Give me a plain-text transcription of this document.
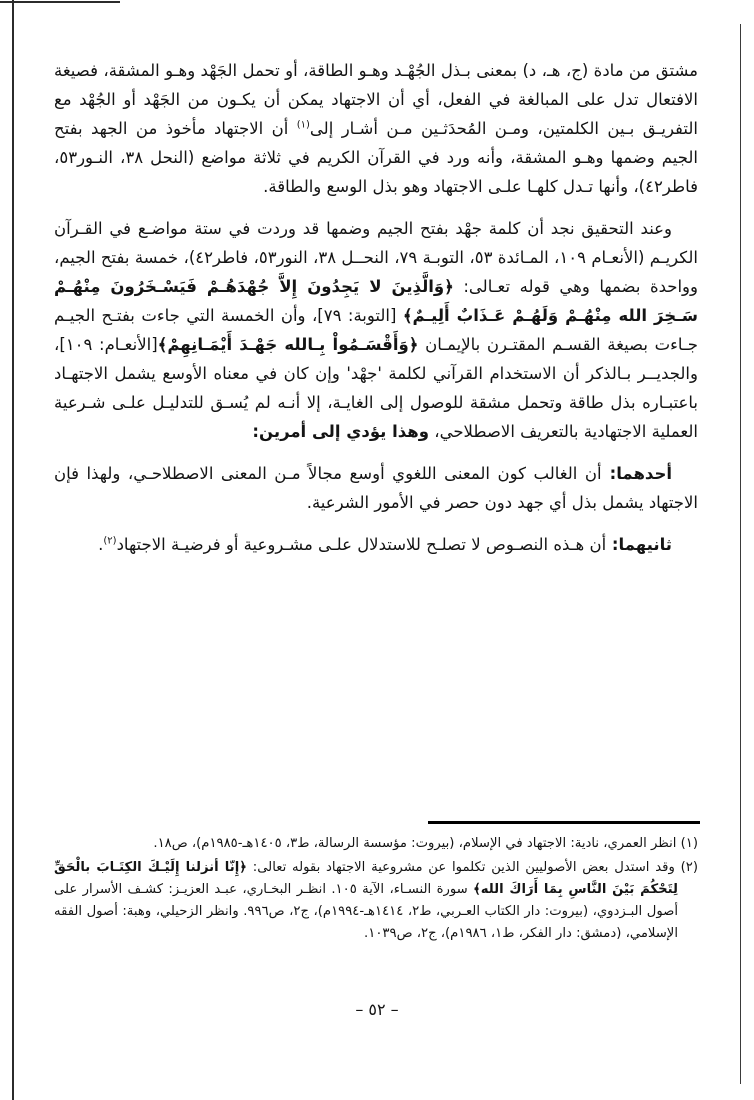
مشتق من مادة (ج، هـ، د) بمعنى بـذل الجُهْـد وهـو الطاقة، أو تحمل الجَهْد وهـو المشقة، فصيغة الافتعال تدل على المبالغة في الفعل، أي أن الاجتهاد يمكن أن يكـون من الجَهْد أو الجُهْد مع التفريـق بـين الكلمتين، ومـن المُحدَثـين مـن أشـار إلى$^{(١)}$ أن الاجتهاد مأخوذ من الجهد بفتح الجيم وضمها وهـو المشقة، وأنه ورد في القرآن الكريم في ثلاثة مواضع (النحل ٣٨، النـور٥٣، فاطر٤٢)، وأنها تـدل كلهـا علـى الاجتهاد وهو بذل الوسع والطاقة.

وعند التحقيق نجد أن كلمة جهْد بفتح الجيم وضمها قد وردت في ستة مواضـع في القـرآن الكريـم (الأنعـام ١٠٩، المـائدة ٥٣، التوبـة ٧٩، النحــل ٣٨، النور٥٣، فاطر٤٢)، خمسة بفتح الجيم، وواحدة بضمها وهي قوله تعـالى: ﴿وَالَّذِينَ لا يَجِدُونَ إِلاَّ جُهْدَهُـمْ فَيَسْـخَرُونَ مِنْهُـمْ سَـخِرَ الله مِنْهُـمْ وَلَهُـمْ عَـذَابٌ أَلِيـمٌ﴾ [التوبة: ٧٩]، وأن الخمسة التي جاءت بفتـح الجيـم جـاءت بصيغة القسـم المقتـرن بالإيمـان ﴿وَأَقْسَـمُواْ بِـالله جَهْـدَ أَيْمَـانِهِمْ﴾[الأنعـام: ١٠٩]، والجديــر بـالذكر أن الاستخدام القرآني لكلمة 'جهْد' وإن كان في معناه الأوسع يشمل الاجتهـاد باعتبـاره بذل طاقة وتحمل مشقة للوصول إلى الغايـة، إلا أنـه لم يُسـق للتدليـل علـى شـرعية العملية الاجتهادية بالتعريف الاصطلاحي، وهذا يؤدي إلى أمرين:

أحدهما: أن الغالب كون المعنى اللغوي أوسع مجالاً مـن المعنى الاصطلاحـي، ولهذا فإن الاجتهاد يشمل بذل أي جهد دون حصر في الأمور الشرعية.

ثانيهما: أن هـذه النصـوص لا تصلـح للاستدلال علـى مشـروعية أو فرضيـة الاجتهاد$^{(٢)}$.

(١) انظر العمري، نادية: الاجتهاد في الإسلام، (بيروت: مؤسسة الرسالة، ط٣، ١٤٠٥هـ-١٩٨٥م)، ص١٨.

(٢) وقد استدل بعض الأصوليين الذين تكلموا عن مشروعية الاجتهاد بقوله تعالى: ﴿إِنّا أنزلنا إِلَيْـكَ الكِتَـابَ بالْحَقِّ لِتَحْكُمَ بَيْنَ النَّاسِ بِمَا أَرَاكَ الله﴾ سورة النسـاء، الآية ١٠٥. انظـر البخـاري، عبـد العزيـز: كشـف الأسرار على أصول البـزدوي، (بيروت: دار الكتاب العـربي، ط٢، ١٤١٤هـ-١٩٩٤م)، ج٢، ص٩٩٦. وانظر الزحيلي، وهبة: أصول الفقه الإسلامي، (دمشق: دار الفكر، ط١، ١٩٨٦م)، ج٢، ص١٠٣٩.

– ٥٢ –
